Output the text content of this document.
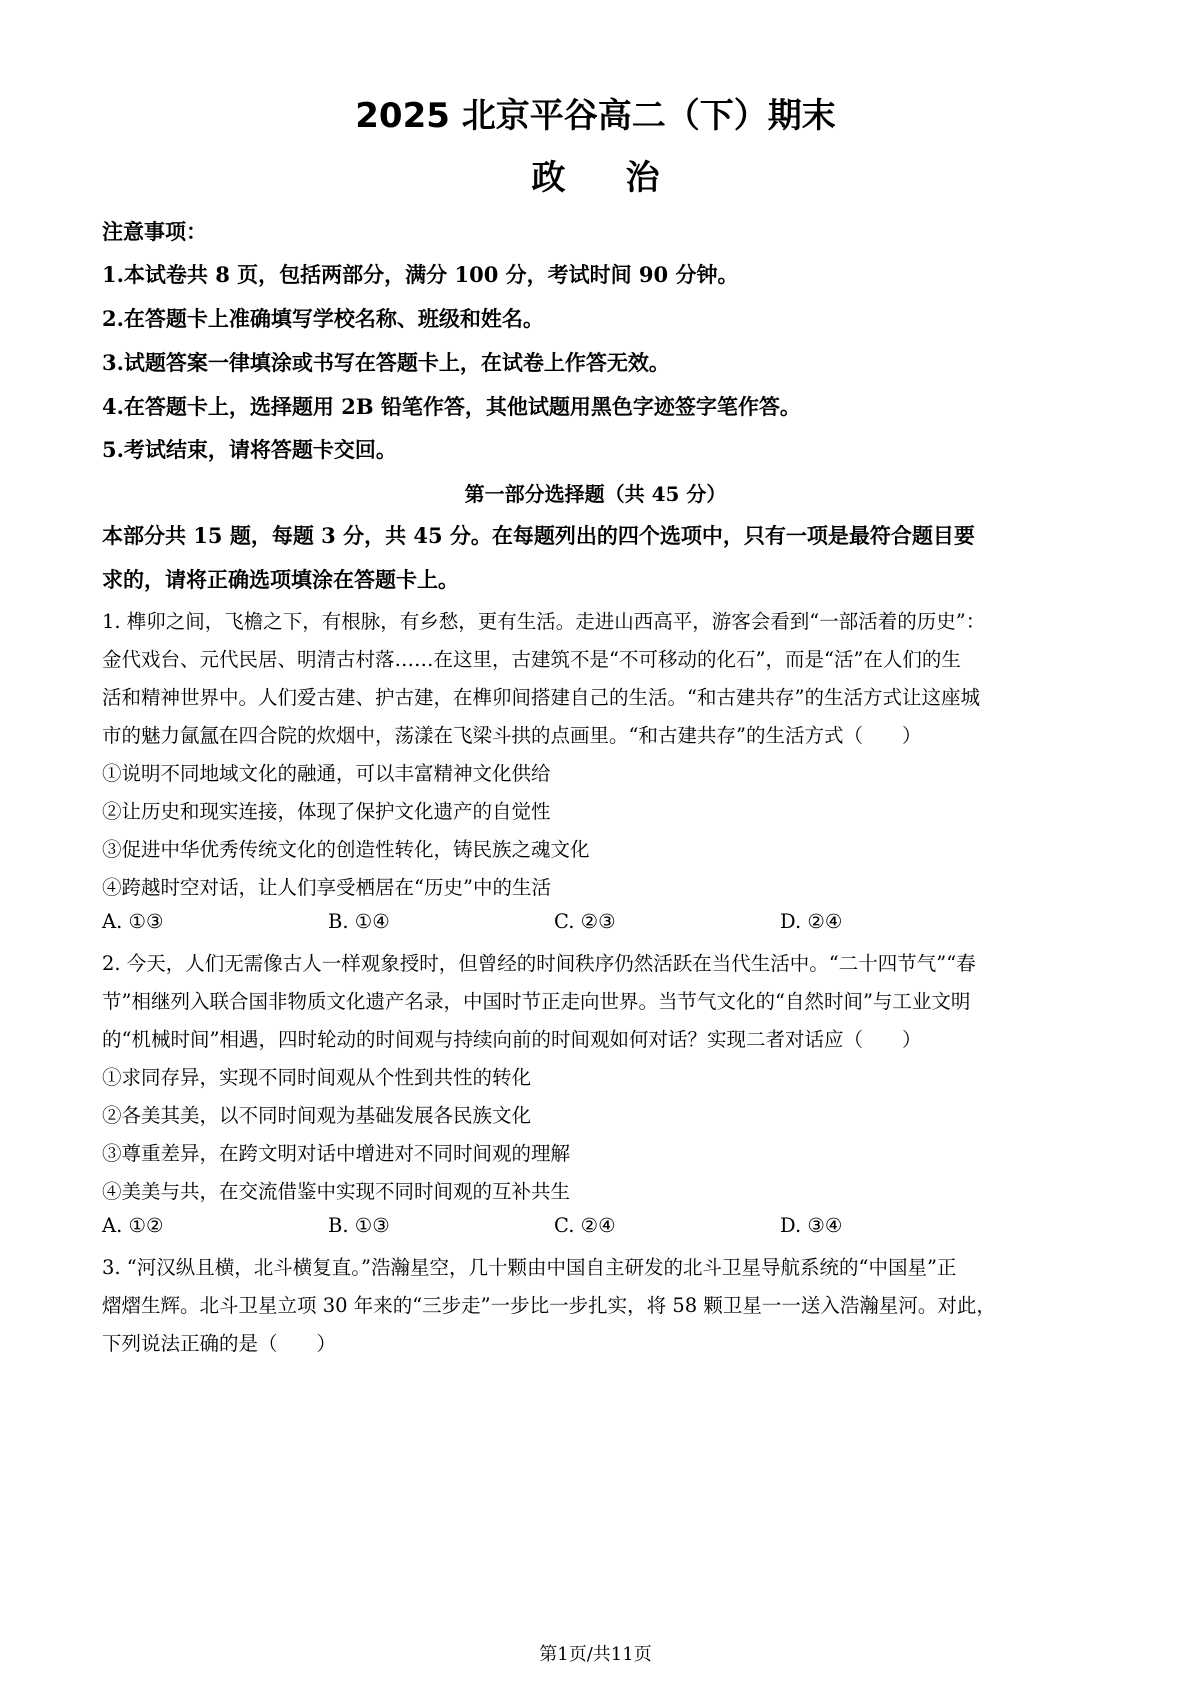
2025 北京平谷高二（下）期末
政治
注意事项：
1.本试卷共 8 页，包括两部分，满分 100 分，考试时间 90 分钟。
2.在答题卡上准确填写学校名称、班级和姓名。
3.试题答案一律填涂或书写在答题卡上，在试卷上作答无效。
4.在答题卡上，选择题用 2B 铅笔作答，其他试题用黑色字迹签字笔作答。
5.考试结束，请将答题卡交回。
第一部分选择题（共 45 分）
本部分共 15 题，每题 3 分，共 45 分。在每题列出的四个选项中，只有一项是最符合题目要
求的，请将正确选项填涂在答题卡上。
1. 榫卯之间，飞檐之下，有根脉，有乡愁，更有生活。走进山西高平，游客会看到“一部活着的历史”：
金代戏台、元代民居、明清古村落……在这里，古建筑不是“不可移动的化石”，而是“活”在人们的生
活和精神世界中。人们爱古建、护古建，在榫卯间搭建自己的生活。“和古建共存”的生活方式让这座城
市的魅力氤氲在四合院的炊烟中，荡漾在飞梁斗拱的点画里。“和古建共存”的生活方式（　　）
①说明不同地域文化的融通，可以丰富精神文化供给
②让历史和现实连接，体现了保护文化遗产的自觉性
③促进中华优秀传统文化的创造性转化，铸民族之魂文化
④跨越时空对话，让人们享受栖居在“历史”中的生活
A. ①③	B. ①④	C. ②③	D. ②④
2. 今天，人们无需像古人一样观象授时，但曾经的时间秩序仍然活跃在当代生活中。“二十四节气”“春
节”相继列入联合国非物质文化遗产名录，中国时节正走向世界。当节气文化的“自然时间”与工业文明
的“机械时间”相遇，四时轮动的时间观与持续向前的时间观如何对话？实现二者对话应（　　）
①求同存异，实现不同时间观从个性到共性的转化
②各美其美，以不同时间观为基础发展各民族文化
③尊重差异，在跨文明对话中增进对不同时间观的理解
④美美与共，在交流借鉴中实现不同时间观的互补共生
A. ①②	B. ①③	C. ②④	D. ③④
3. “河汉纵且横，北斗横复直。”浩瀚星空，几十颗由中国自主研发的北斗卫星导航系统的“中国星”正
熠熠生辉。北斗卫星立项 30 年来的“三步走”一步比一步扎实，将 58 颗卫星一一送入浩瀚星河。对此，
下列说法正确的是（　　）
第1页/共11页
